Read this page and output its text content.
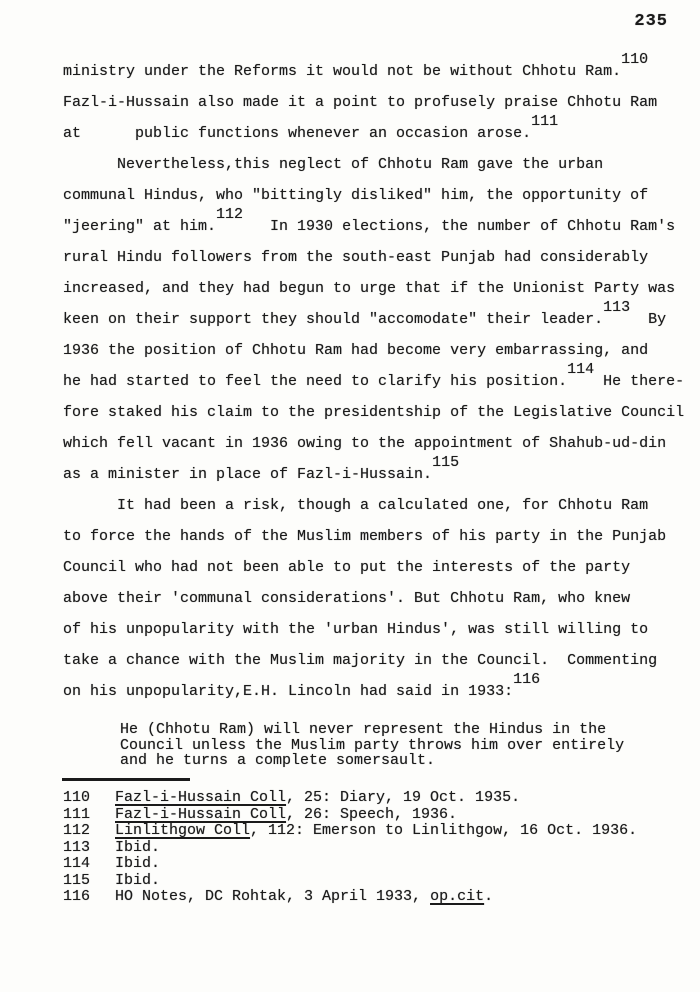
235
ministry under the Reforms it would not be without Chhotu Ram.110
Fazl-i-Hussain also made it a point to profusely praise Chhotu Ram
at      public functions whenever an occasion arose.111
Nevertheless,this neglect of Chhotu Ram gave the urban
communal Hindus, who "bittingly disliked" him, the opportunity of
"jeering" at him.112   In 1930 elections, the number of Chhotu Ram's
rural Hindu followers from the south-east Punjab had considerably
increased, and they had begun to urge that if the Unionist Party was
keen on their support they should "accomodate" their leader.113  By
1936 the position of Chhotu Ram had become very embarrassing, and
he had started to feel the need to clarify his position.114 He there-
fore staked his claim to the presidentship of the Legislative Council
which fell vacant in 1936 owing to the appointment of Shahub-ud-din
as a minister in place of Fazl-i-Hussain.115
It had been a risk, though a calculated one, for Chhotu Ram
to force the hands of the Muslim members of his party in the Punjab
Council who had not been able to put the interests of the party
above their 'communal considerations'. But Chhotu Ram, who knew
of his unpopularity with the 'urban Hindus', was still willing to
take a chance with the Muslim majority in the Council.  Commenting
on his unpopularity,E.H. Lincoln had said in 1933:116
He (Chhotu Ram) will never represent the Hindus in the
Council unless the Muslim party throws him over entirely
and he turns a complete somersault.
110	Fazl-i-Hussain Coll, 25: Diary, 19 Oct. 1935.
111	Fazl-i-Hussain Coll, 26: Speech, 1936.
112	Linlithgow Coll, 112: Emerson to Linlithgow, 16 Oct. 1936.
113	Ibid.
114	Ibid.
115	Ibid.
116	HO Notes, DC Rohtak, 3 April 1933, op.cit.
